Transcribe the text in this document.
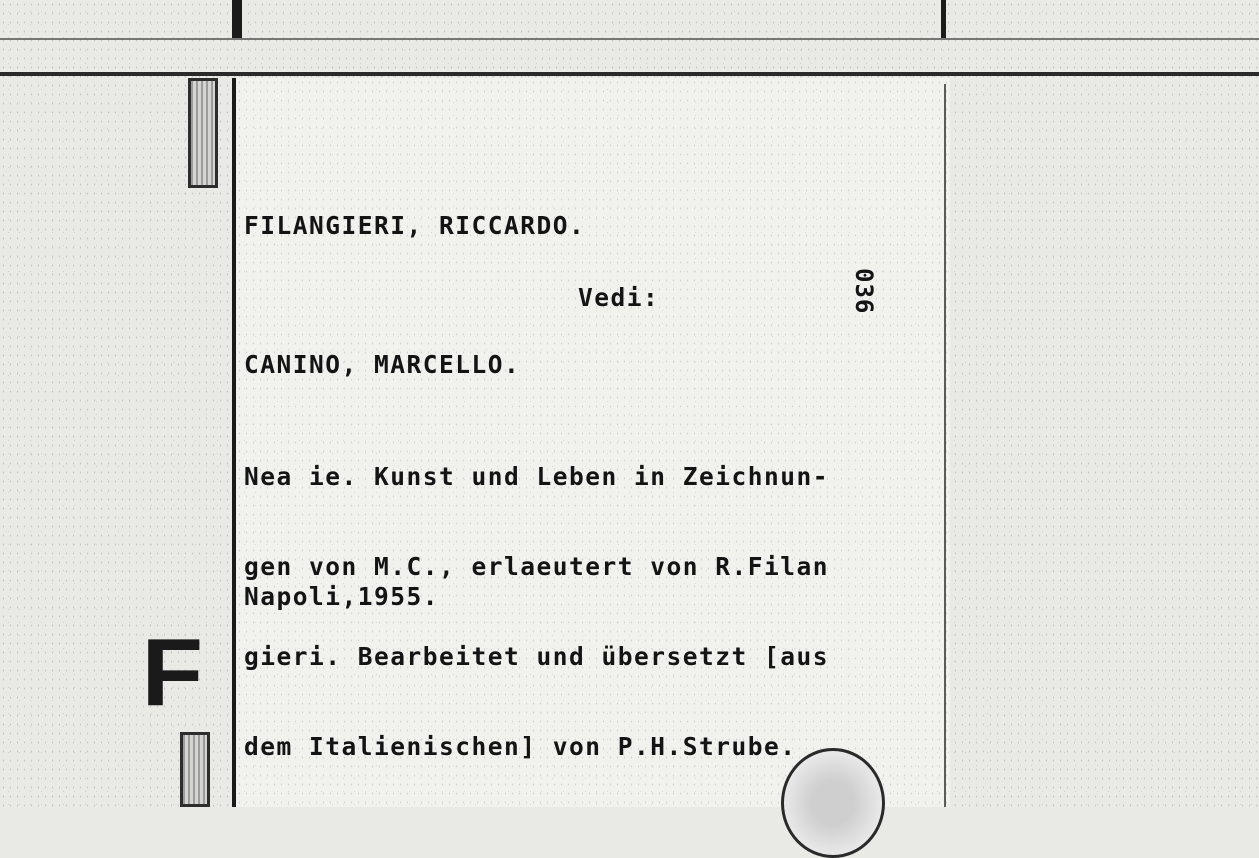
F
FILANGIERI, RICCARDO.
Vedi:	036
CANINO, MARCELLO.

Nea ie. Kunst und Leben in Zeichnun-

gen von M.C., erlaeutert von R.Filan

gieri. Bearbeitet und übersetzt [aus

dem Italienischen] von P.H.Strube.

Napoli,1955.
